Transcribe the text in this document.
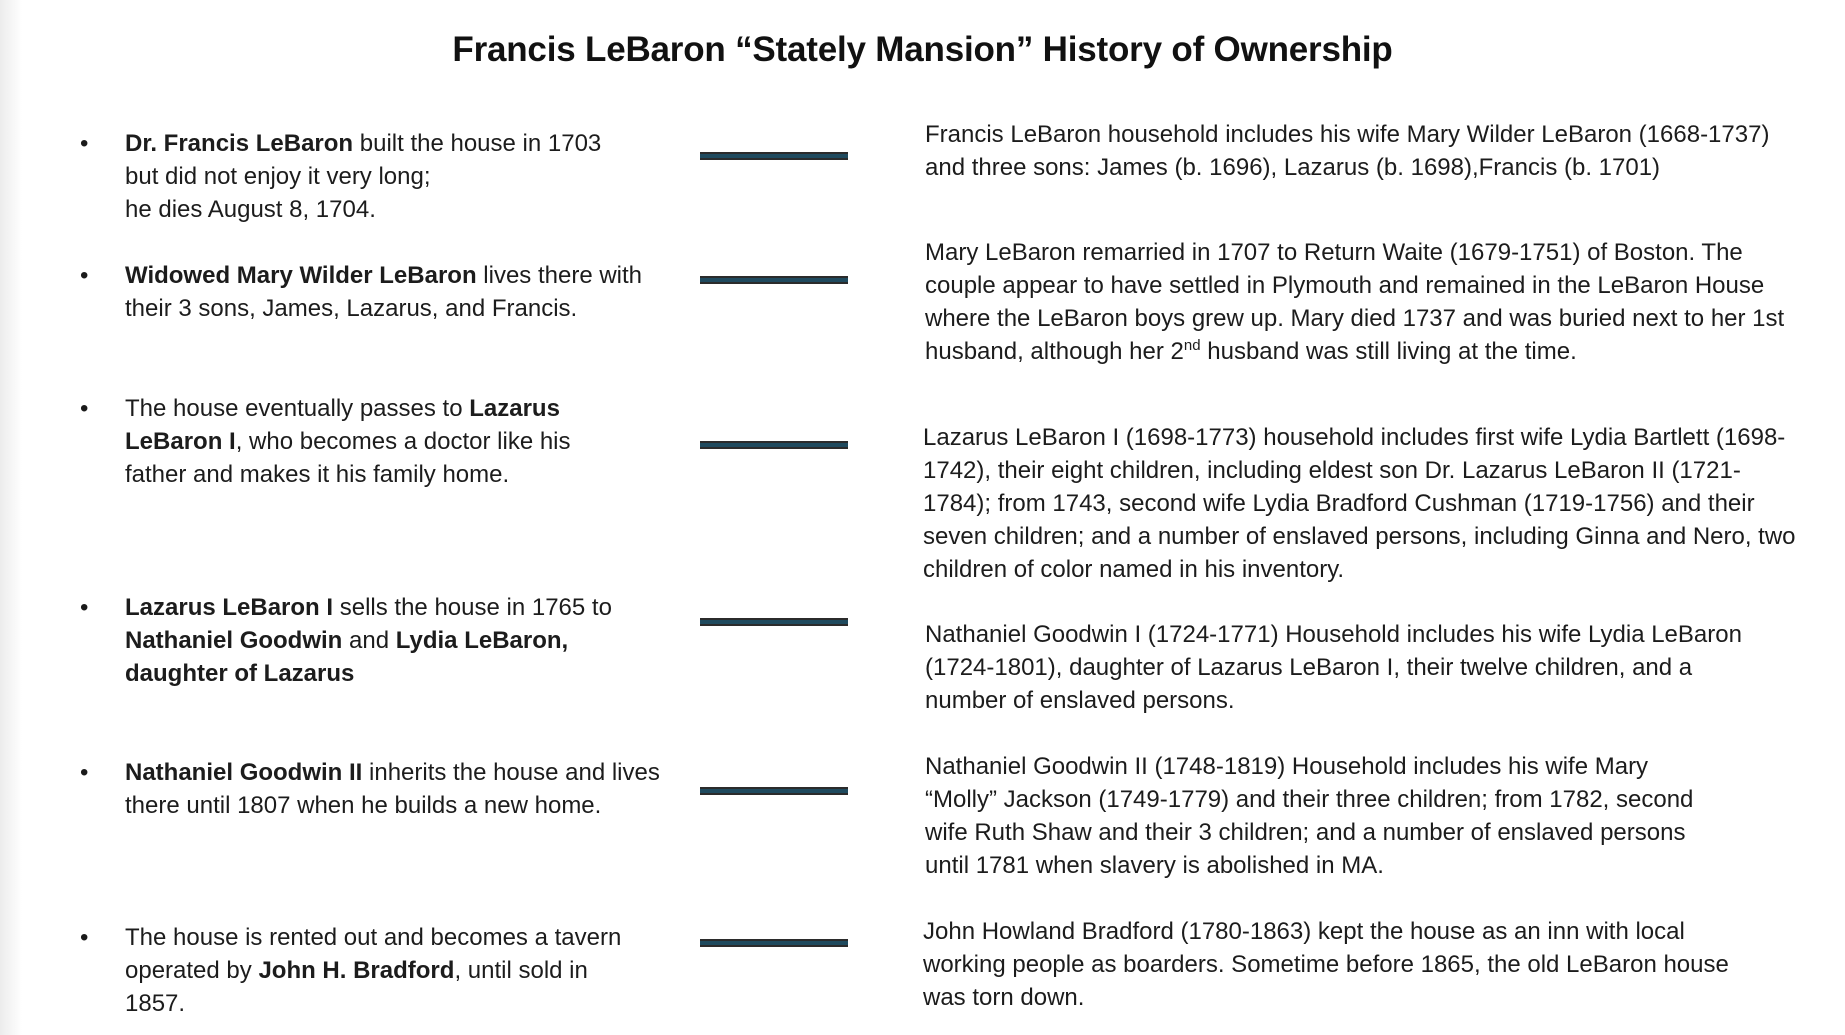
Francis LeBaron “Stately Mansion” History of Ownership
• Dr. Francis LeBaron built the house in 1703
but did not enjoy it very long;
he dies August 8, 1704.
Francis LeBaron household includes his wife Mary Wilder LeBaron (1668-1737) and three sons: James (b. 1696), Lazarus (b. 1698),Francis (b. 1701)
• Widowed Mary Wilder LeBaron lives there with their 3 sons, James, Lazarus, and Francis.
Mary LeBaron remarried in 1707 to Return Waite (1679-1751) of Boston. The couple appear to have settled in Plymouth and remained in the LeBaron House where the LeBaron boys grew up. Mary died 1737 and was buried next to her 1st husband, although her 2nd husband was still living at the time.
• The house eventually passes to Lazarus LeBaron I, who becomes a doctor like his father and makes it his family home.
Lazarus LeBaron I (1698-1773) household includes first wife Lydia Bartlett (1698-1742), their eight children, including eldest son Dr. Lazarus LeBaron II (1721-1784); from 1743, second wife Lydia Bradford Cushman (1719-1756) and their seven children; and a number of enslaved persons, including Ginna and Nero, two children of color named in his inventory.
• Lazarus LeBaron I sells the house in 1765 to Nathaniel Goodwin and Lydia LeBaron, daughter of Lazarus
Nathaniel Goodwin I (1724-1771) Household includes his wife Lydia LeBaron (1724-1801), daughter of Lazarus LeBaron I, their twelve children, and a number of enslaved persons.
• Nathaniel Goodwin II inherits the house and lives there until 1807 when he builds a new home.
Nathaniel Goodwin II (1748-1819) Household includes his wife Mary “Molly” Jackson (1749-1779) and their three children; from 1782, second wife Ruth Shaw and their 3 children; and a number of enslaved persons until 1781 when slavery is abolished in MA.
• The house is rented out and becomes a tavern operated by John H. Bradford, until sold in 1857.
John Howland Bradford (1780-1863) kept the house as an inn with local working people as boarders. Sometime before 1865, the old LeBaron house was torn down.
